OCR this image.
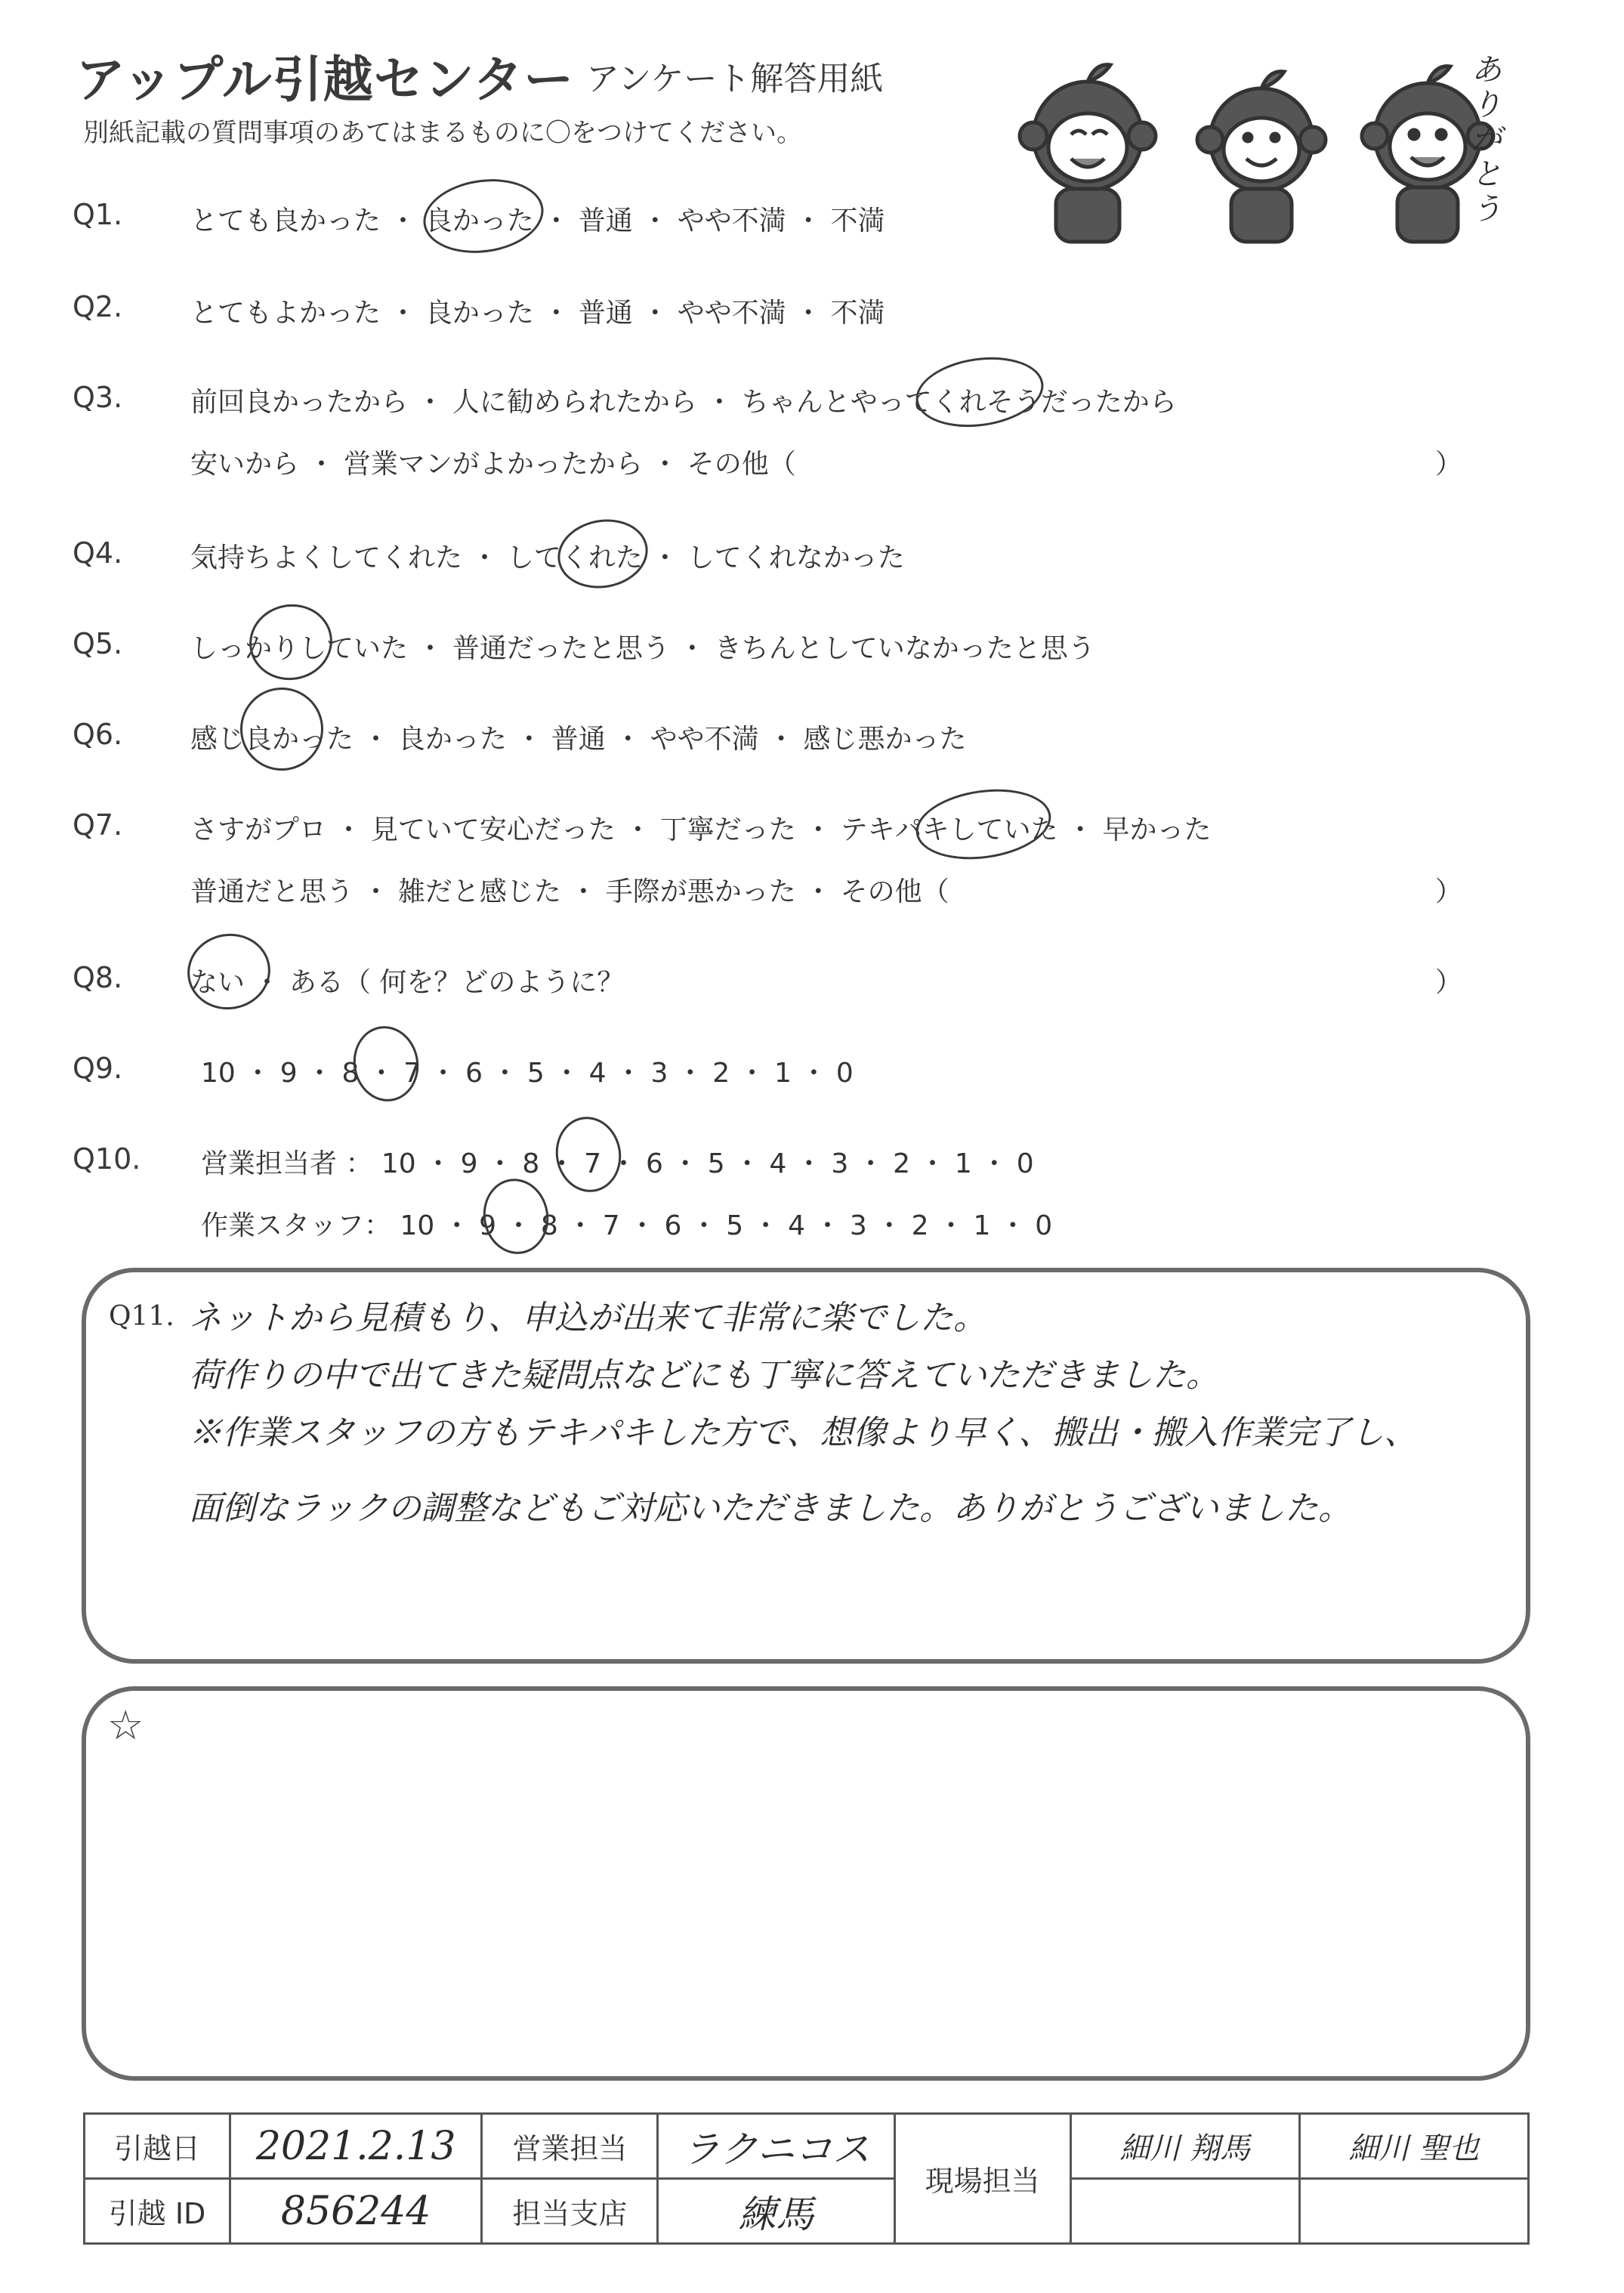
アップル引越センター アンケート解答用紙
別紙記載の質問事項のあてはまるものに〇をつけてください。
ありがとう
Q1. とても良かった ・ 良かった ・ 普通 ・ やや不満 ・ 不満
Q2. とてもよかった ・ 良かった ・ 普通 ・ やや不満 ・ 不満
Q3. 前回良かったから ・ 人に勧められたから ・ ちゃんとやってくれそうだったから
安いから ・ 営業マンがよかったから ・ その他（	）
Q4. 気持ちよくしてくれた ・ してくれた ・ してくれなかった
Q5. しっかりしていた ・ 普通だったと思う ・ きちんとしていなかったと思う
Q6. 感じ良かった ・ 良かった ・ 普通 ・ やや不満 ・ 感じ悪かった
Q7. さすがプロ ・ 見ていて安心だった ・ 丁寧だった ・ テキパキしていた ・ 早かった
普通だと思う ・ 雑だと感じた ・ 手際が悪かった ・ その他（	）
Q8. ない ・ ある（ 何を？どのように？	）
Q9.	10 ・ 9 ・ 8 ・ 7 ・ 6 ・ 5 ・ 4 ・ 3 ・ 2 ・ 1 ・ 0
Q10. 営業担当者 ： 10 ・ 9 ・ 8 ・ 7 ・ 6 ・ 5 ・ 4 ・ 3 ・ 2 ・ 1 ・ 0
作業スタッフ： 10 ・ 9 ・ 8 ・ 7 ・ 6 ・ 5 ・ 4 ・ 3 ・ 2 ・ 1 ・ 0
Q11. ネットから見積もり、申込が出来て非常に楽でした。
荷作りの中で出てきた疑問点などにも丁寧に答えていただきました。
※作業スタッフの方もテキパキした方で、想像より早く、搬出・搬入作業完了し、
面倒なラックの調整などもご対応いただきました。ありがとうございました。
☆
引越日	2021.2.13	営業担当	ラクニコス	現場担当	細川 翔馬	細川 聖也
引越 ID	856244	担当支店	練馬			
